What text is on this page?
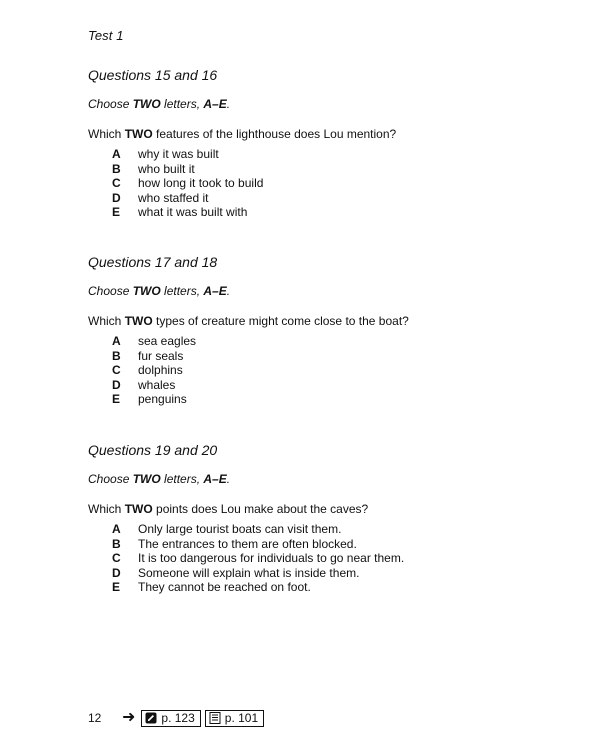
Test 1
Questions 15 and 16
Choose TWO letters, A–E.
Which TWO features of the lighthouse does Lou mention?
A	why it was built
B	who built it
C	how long it took to build
D	who staffed it
E	what it was built with
Questions 17 and 18
Choose TWO letters, A–E.
Which TWO types of creature might come close to the boat?
A	sea eagles
B	fur seals
C	dolphins
D	whales
E	penguins
Questions 19 and 20
Choose TWO letters, A–E.
Which TWO points does Lou make about the caves?
A	Only large tourist boats can visit them.
B	The entrances to them are often blocked.
C	It is too dangerous for individuals to go near them.
D	Someone will explain what is inside them.
E	They cannot be reached on foot.
12	➜ p. 123	p. 101
